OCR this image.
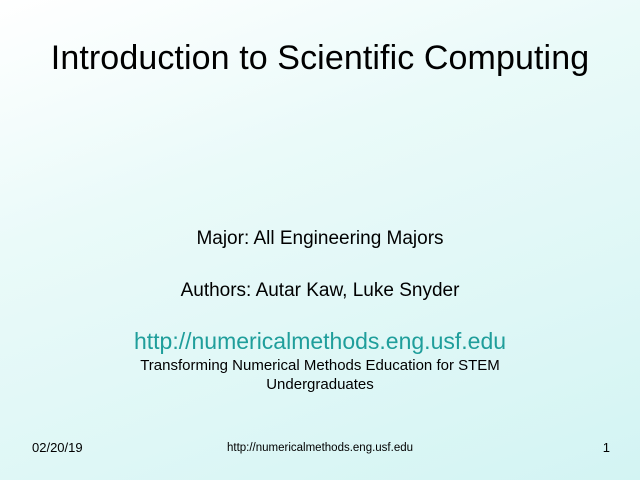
Introduction to Scientific Computing
Major: All Engineering Majors
Authors: Autar Kaw, Luke Snyder
http://numericalmethods.eng.usf.edu
Transforming Numerical Methods Education for STEM Undergraduates
02/20/19	http://numericalmethods.eng.usf.edu	1
